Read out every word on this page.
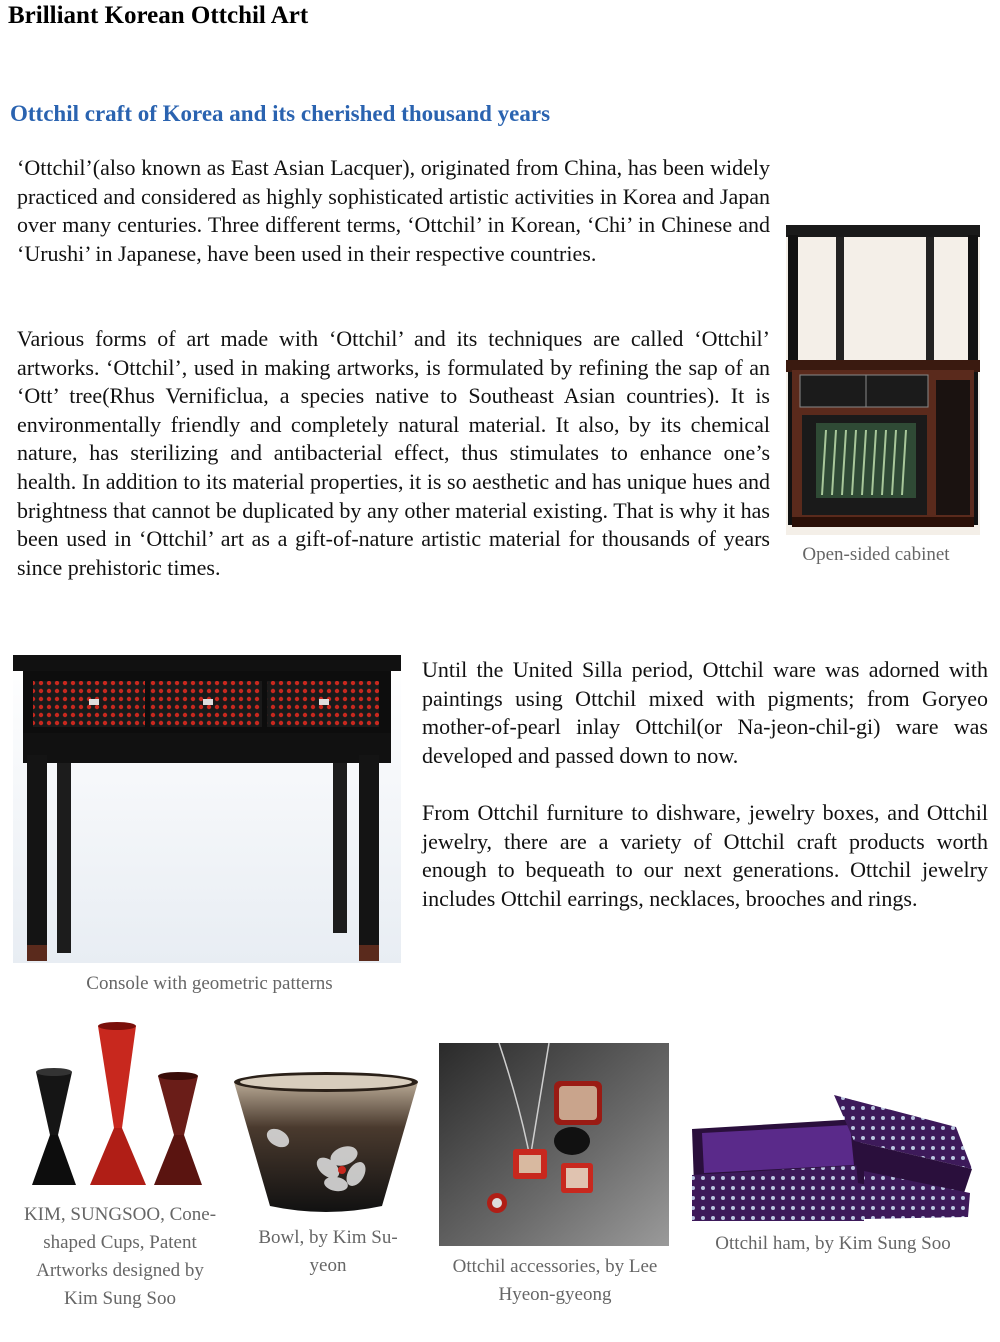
Brilliant Korean Ottchil Art
Ottchil craft of Korea and its cherished thousand years

‘Ottchil’(also known as East Asian Lacquer), originated from China, has been widely practiced and considered as highly sophisticated artistic activities in Korea and Japan over many centuries. Three different terms, ‘Ottchil’ in Korean, ‘Chi’ in Chinese and ‘Urushi’ in Japanese, have been used in their respective countries.

Various forms of art made with ‘Ottchil’ and its techniques are called ‘Ottchil’ artworks. ‘Ottchil’, used in making artworks, is formulated by refining the sap of an ‘Ott’ tree(Rhus Vernificlua, a species native to Southeast Asian countries). It is environmentally friendly and completely natural material. It also, by its chemical nature, has sterilizing and antibacterial effect, thus stimulates to enhance one’s health. In addition to its material properties, it is so aesthetic and has unique hues and brightness that cannot be duplicated by any other material existing. That is why it has been used in ‘Ottchil’ art as a gift-of-nature artistic material for thousands of years since prehistoric times.

Open-sided cabinet
Console with geometric patterns

Until the United Silla period, Ottchil ware was adorned with paintings using Ottchil mixed with pigments; from Goryeo mother-of-pearl inlay Ottchil(or Na-jeon-chil-gi) ware was developed and passed down to now.

From Ottchil furniture to dishware, jewelry boxes, and Ottchil jewelry, there are a variety of Ottchil craft products worth enough to bequeath to our next generations. Ottchil jewelry includes Ottchil earrings, necklaces, brooches and rings.

KIM, SUNGSOO, Cone-shaped Cups, Patent Artworks designed by Kim Sung Soo
Bowl, by Kim Su-yeon	Ottchil accessories, by Lee Hyeon-gyeong
Ottchil ham, by Kim Sung Soo
